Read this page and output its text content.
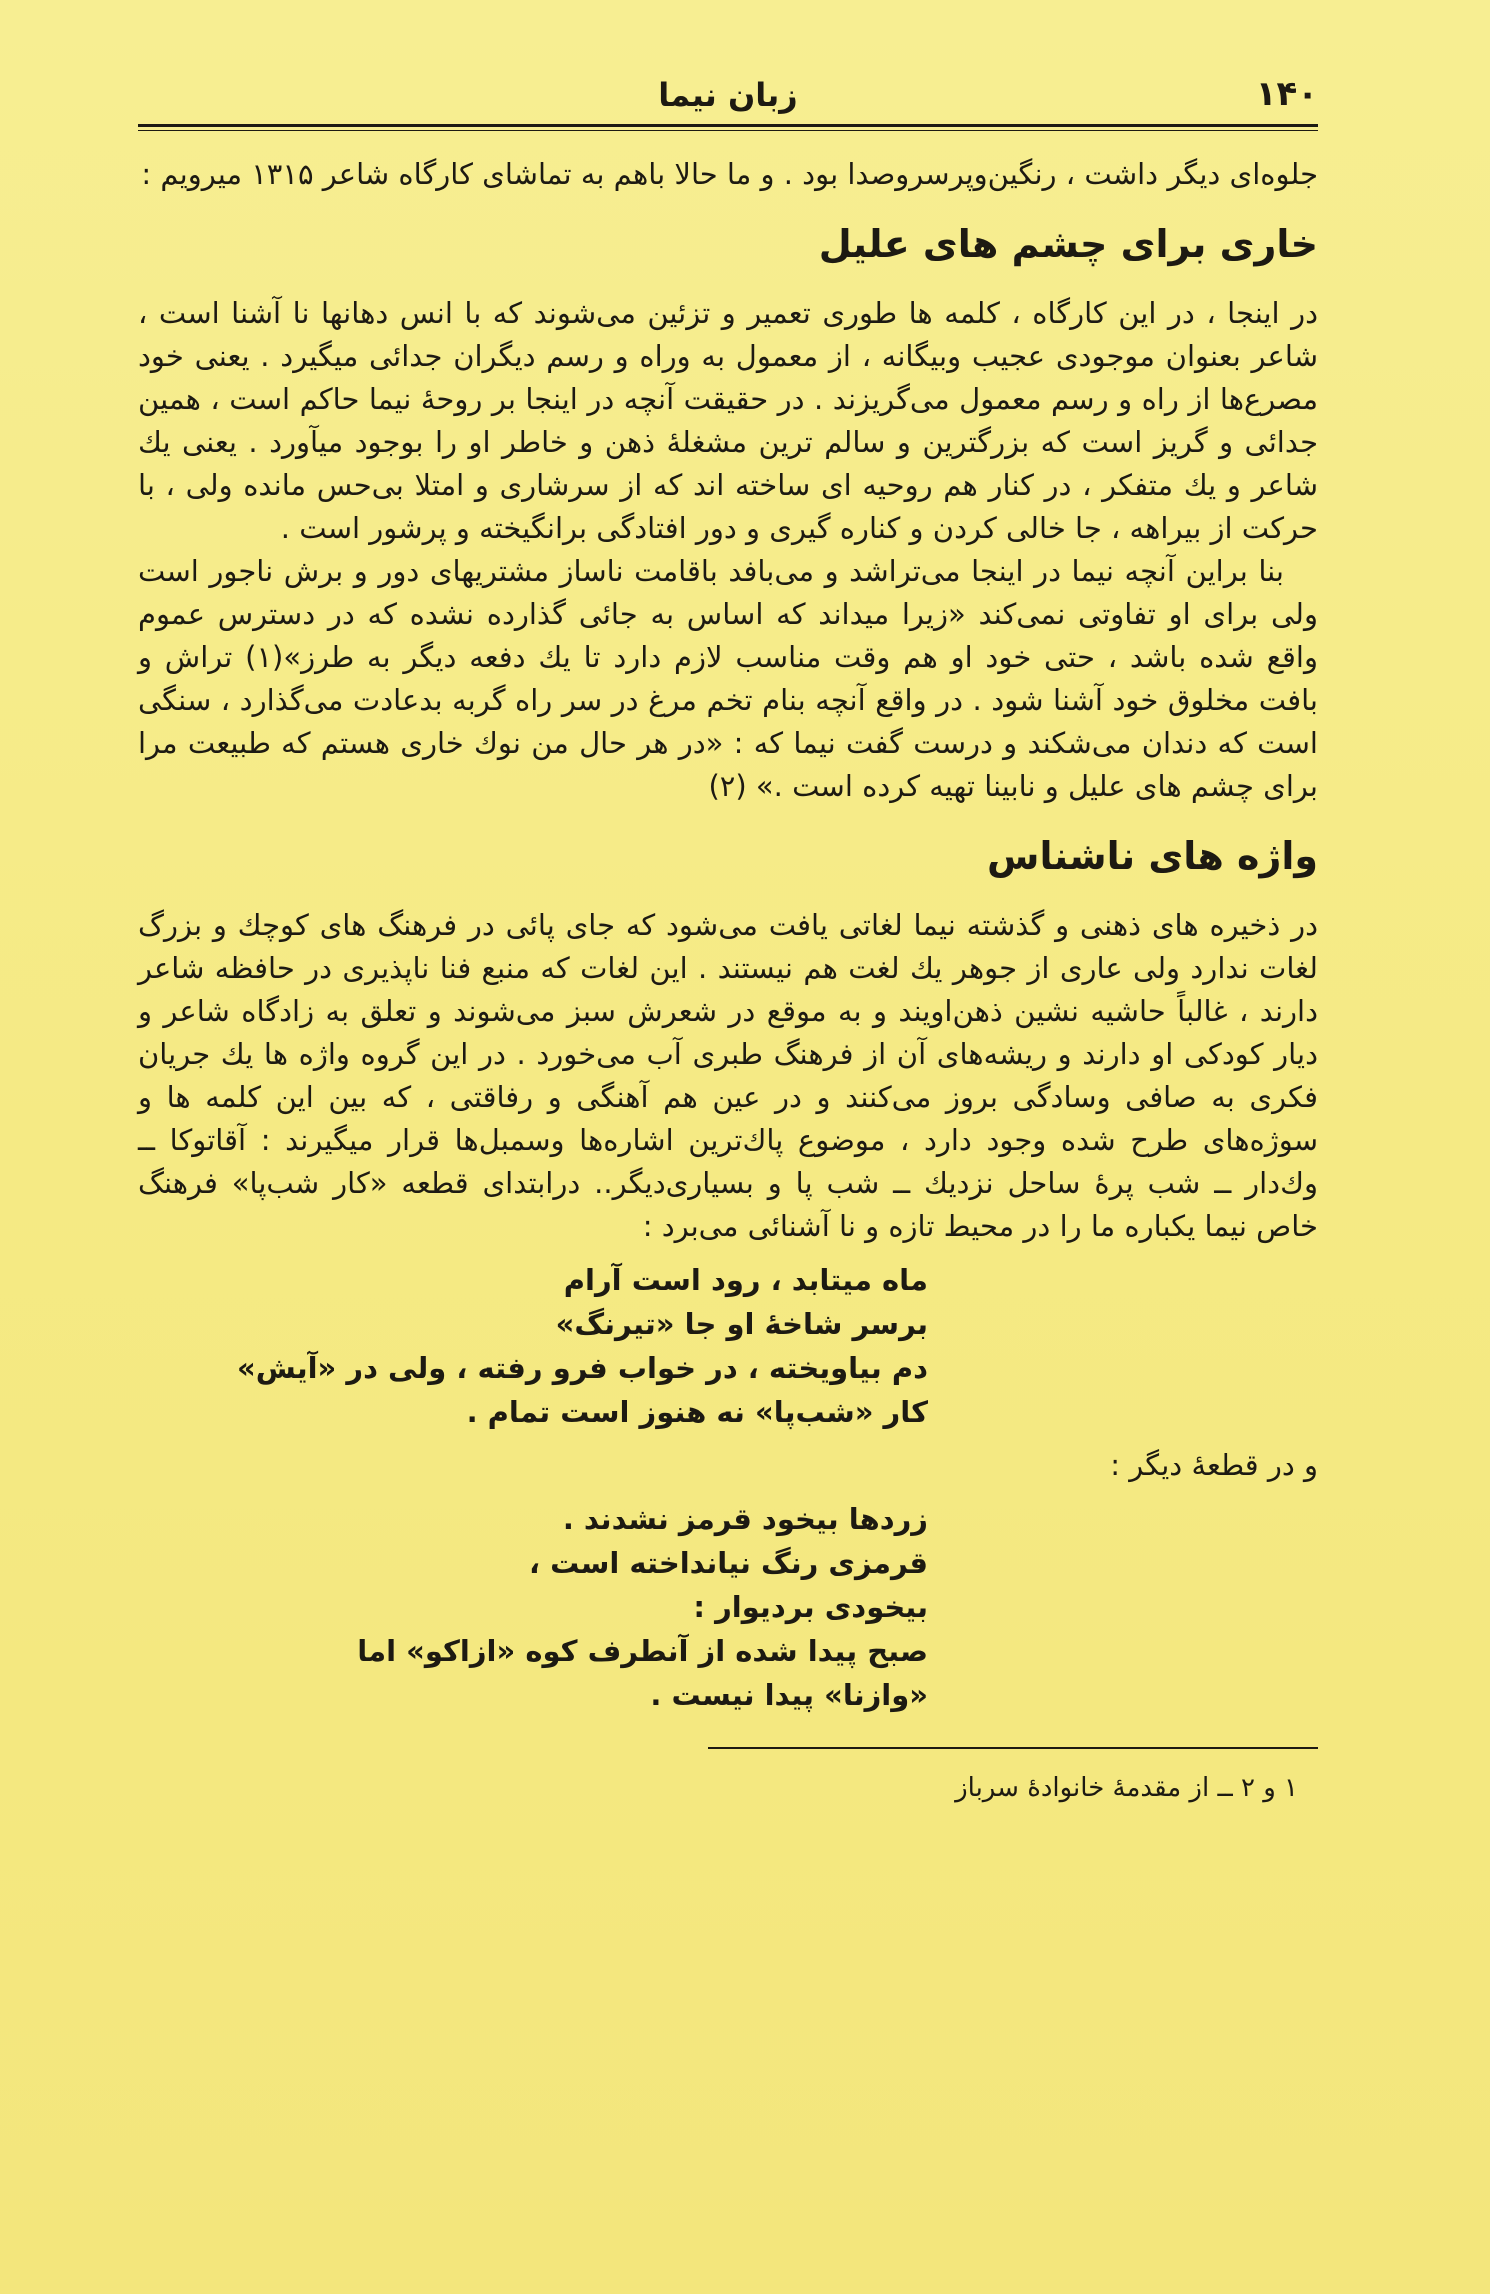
۱۴۰
زبان نیما

جلوه‌ای دیگر داشت ، رنگین‌وپرسروصدا بود . و ما حالا باهم به تماشای کارگاه شاعر ۱۳۱۵ میرویم :

خاری برای چشم های علیل

در اینجا ، در این کارگاه ، کلمه ها طوری تعمیر و تزئین می‌شوند که با انس دهانها نا آشنا است ، شاعر بعنوان موجودی عجیب وبیگانه ، از معمول به وراه و رسم دیگران جدائی میگیرد . یعنی خود مصرع‌ها از راه و رسم معمول می‌گریزند . در حقیقت آنچه در اینجا بر روحهٔ نیما حاکم است ، همین جدائی و گریز است که بزرگترین و سالم ترین مشغلهٔ ذهن و خاطر او را بوجود میآورد . یعنی یك شاعر و یك متفکر ، در کنار هم روحیه ای ساخته اند که از سرشاری و امتلا بی‌حس مانده ولی ، با حرکت از بیراهه ، جا خالی کردن و کناره گیری و دور افتادگی برانگیخته و پرشور است .

بنا براین آنچه نیما در اینجا می‌تراشد و می‌بافد باقامت ناساز مشتریهای دور و برش ناجور است ولی برای او تفاوتی نمی‌کند «زیرا میداند که اساس به جائی گذارده نشده که در دسترس عموم واقع شده باشد ، حتی خود او هم وقت مناسب لازم دارد تا یك دفعه دیگر به طرز»(۱) تراش و بافت مخلوق خود آشنا شود . در واقع آنچه بنام تخم مرغ در سر راه گربه بدعادت می‌گذارد ، سنگی است که دندان می‌شکند و درست گفت نیما که : «در هر حال من نوك خاری هستم که طبیعت مرا برای چشم های علیل و نابینا تهیه کرده است .» (۲)

واژه های ناشناس

در ذخیره های ذهنی و گذشته نیما لغاتی یافت می‌شود که جای پائی در فرهنگ های کوچك و بزرگ لغات ندارد ولی عاری از جوهر یك لغت هم نیستند . این لغات که منبع فنا ناپذیری در حافظه شاعر دارند ، غالباً حاشیه نشین ذهن‌اویند و به موقع در شعرش سبز می‌شوند و تعلق به زادگاه شاعر و دیار کودکی او دارند و ریشه‌های آن از فرهنگ طبری آب می‌خورد . در این گروه واژه ها یك جریان فکری به صافی وسادگی بروز می‌کنند و در عین هم آهنگی و رفاقتی ، که بین این کلمه ها و سوژه‌های طرح شده وجود دارد ، موضوع پاك‌ترین اشاره‌ها وسمبل‌ها قرار میگیرند : آقاتوکا ــ وك‌دار ــ شب پرهٔ ساحل نزدیك ــ شب پا و بسیاری‌دیگر.. درابتدای قطعه «کار شب‌پا» فرهنگ خاص نیما یکباره ما را در محیط تازه و نا آشنائی می‌برد :

ماه میتابد ، رود است آرام
برسر شاخهٔ او جا «تیرنگ»
دم بیاویخته ، در خواب فرو رفته ، ولی در «آیش»
کار «شب‌پا» نه هنوز است تمام .

و در قطعهٔ دیگر :

زردها بیخود قرمز نشدند .
قرمزی رنگ نیانداخته است ،
بیخودی بردیوار :
صبح پیدا شده از آنطرف کوه «ازاکو» اما
«وازنا» پیدا نیست .
۱ و ۲ ــ از مقدمهٔ خانوادهٔ سرباز
